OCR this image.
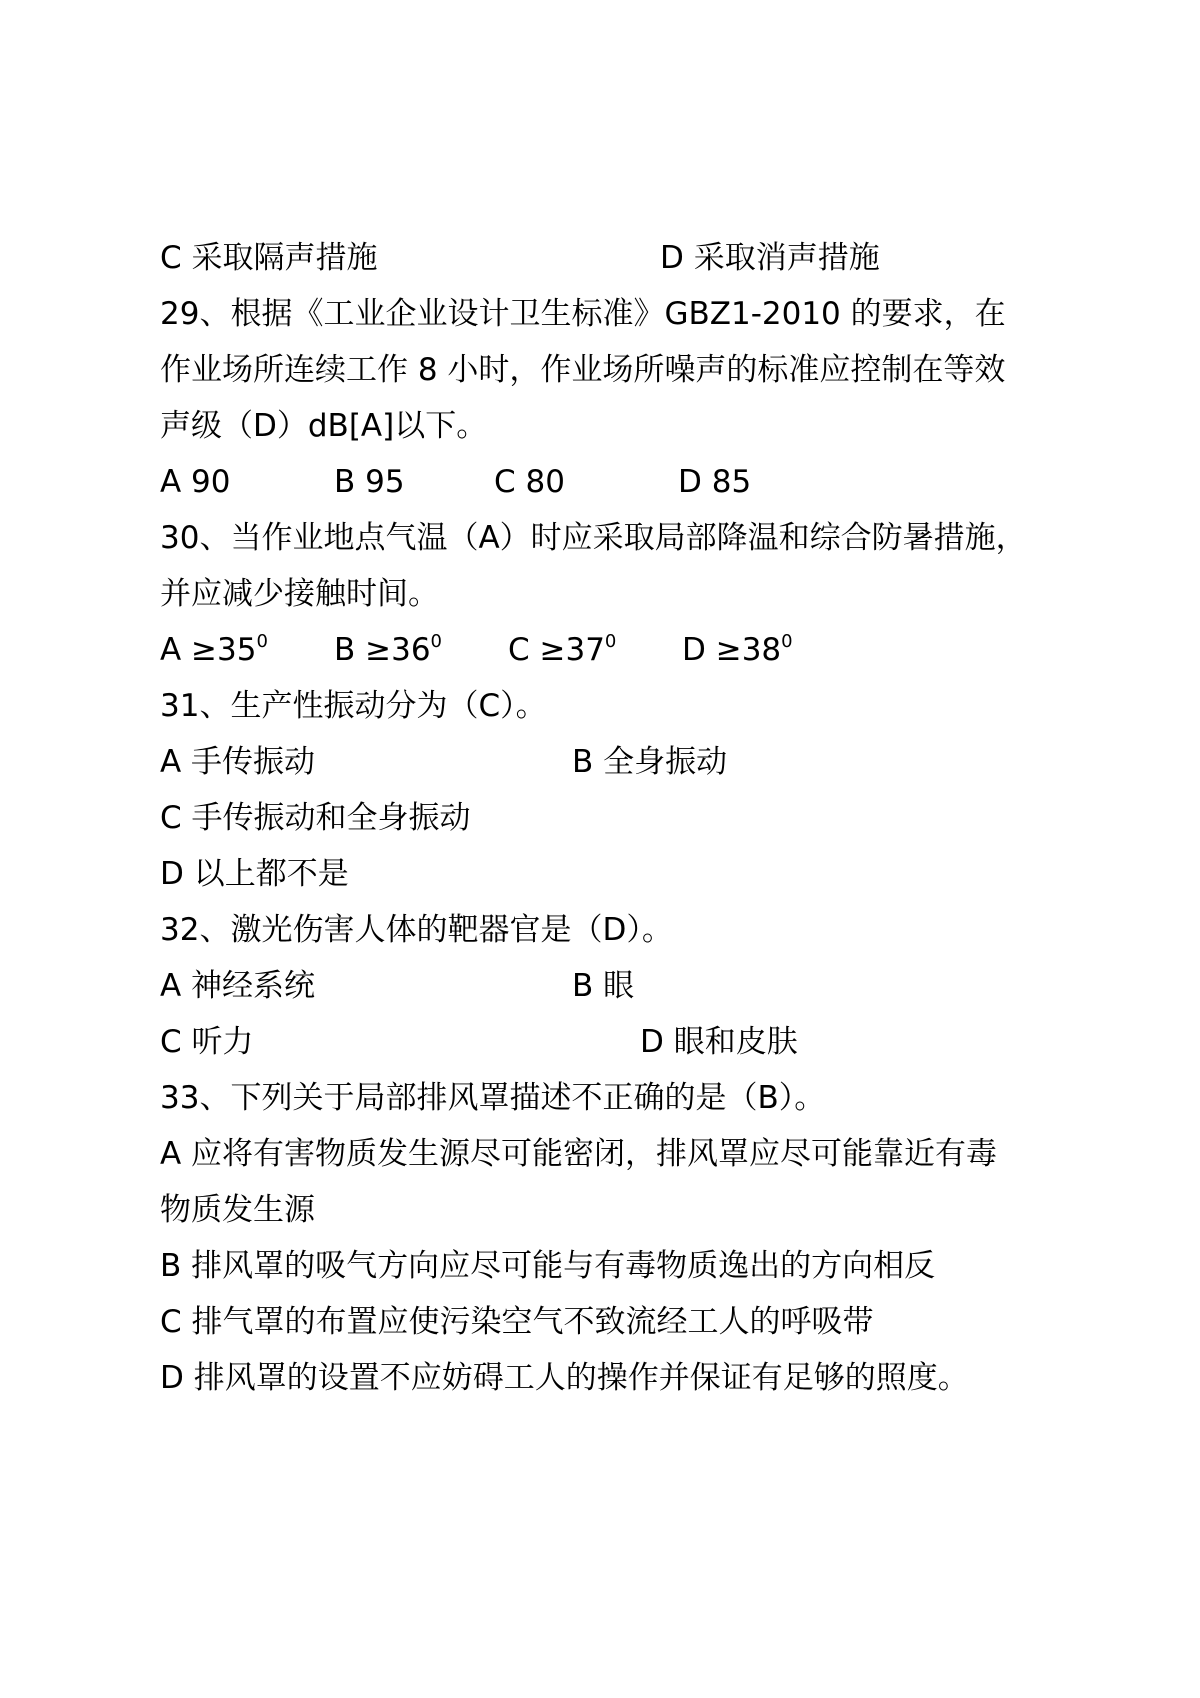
C 采取隔声措施	D 采取消声措施
29、根据《工业企业设计卫生标准》GBZ1-2010 的要求，在
作业场所连续工作 8 小时，作业场所噪声的标准应控制在等效
声级（D）dB[A]以下。
A 90	B 95	C 80	D 85
30、当作业地点气温（A）时应采取局部降温和综合防暑措施，
并应减少接触时间。
$A \ge 35^0$ $B \ge 36^0$ $C \ge 37^0$ $D \ge 38^0$
31、生产性振动分为（C）。
A 手传振动	B 全身振动
C 手传振动和全身振动
D 以上都不是
32、激光伤害人体的靶器官是（D）。
A 神经系统	B 眼
C 听力	D 眼和皮肤
33、下列关于局部排风罩描述不正确的是（B）。
A 应将有害物质发生源尽可能密闭，排风罩应尽可能靠近有毒
物质发生源
B 排风罩的吸气方向应尽可能与有毒物质逸出的方向相反
C 排气罩的布置应使污染空气不致流经工人的呼吸带
D 排风罩的设置不应妨碍工人的操作并保证有足够的照度。
